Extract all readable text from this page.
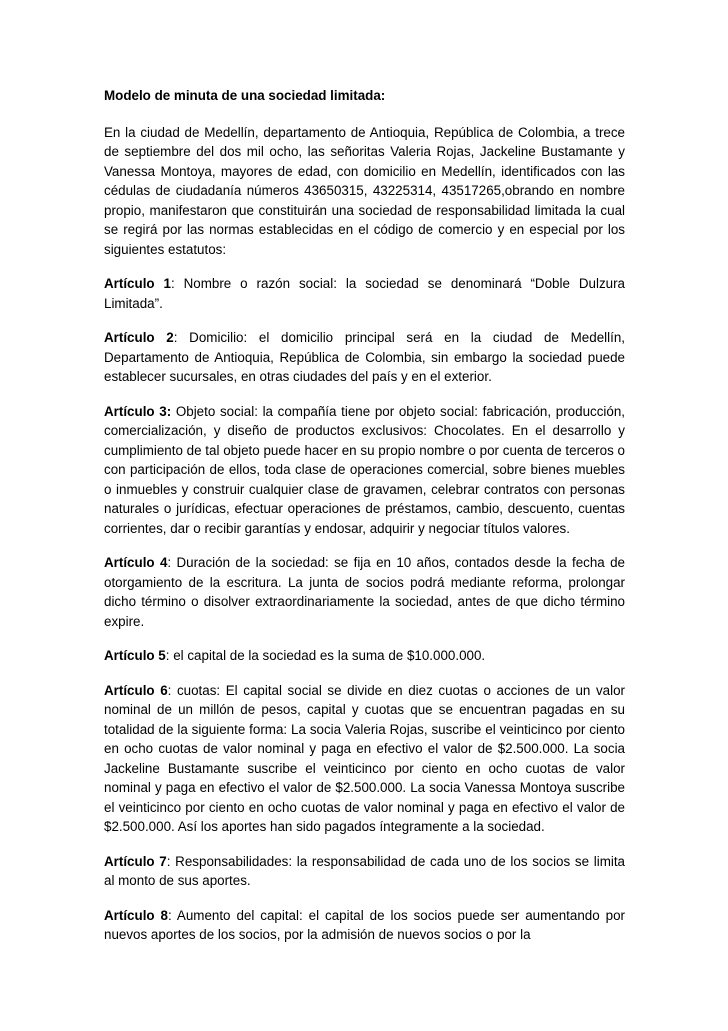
Modelo de minuta de una sociedad limitada:

En la ciudad de Medellín, departamento de Antioquia, República de Colombia, a trece de septiembre del dos mil ocho, las señoritas Valeria Rojas, Jackeline Bustamante y Vanessa Montoya, mayores de edad, con domicilio en Medellín, identificados con las cédulas de ciudadanía números 43650315, 43225314, 43517265,obrando en nombre propio, manifestaron que constituirán una sociedad de responsabilidad limitada la cual se regirá por las normas establecidas en el código de comercio y en especial por los siguientes estatutos:

Artículo 1: Nombre o razón social: la sociedad se denominará “Doble Dulzura Limitada”.

Artículo 2: Domicilio: el domicilio principal será en la ciudad de Medellín, Departamento de Antioquia, República de Colombia, sin embargo la sociedad puede establecer sucursales, en otras ciudades del país y en el exterior.

Artículo 3: Objeto social: la compañía tiene por objeto social: fabricación, producción, comercialización, y diseño de productos exclusivos: Chocolates. En el desarrollo y cumplimiento de tal objeto puede hacer en su propio nombre o por cuenta de terceros o con participación de ellos, toda clase de operaciones comercial, sobre bienes muebles o inmuebles y construir cualquier clase de gravamen, celebrar contratos con personas naturales o jurídicas, efectuar operaciones de préstamos, cambio, descuento, cuentas corrientes, dar o recibir garantías y endosar, adquirir y negociar títulos valores.

Artículo 4: Duración de la sociedad: se fija en 10 años, contados desde la fecha de otorgamiento de la escritura. La junta de socios podrá mediante reforma, prolongar dicho término o disolver extraordinariamente la sociedad, antes de que dicho término expire.

Artículo 5: el capital de la sociedad es la suma de $10.000.000.

Artículo 6: cuotas: El capital social se divide en diez cuotas o acciones de un valor nominal de un millón de pesos, capital y cuotas que se encuentran pagadas en su totalidad de la siguiente forma: La socia Valeria Rojas, suscribe el veinticinco por ciento en ocho cuotas de valor nominal y paga en efectivo el valor de $2.500.000. La socia Jackeline Bustamante suscribe el veinticinco por ciento en ocho cuotas de valor nominal y paga en efectivo el valor de $2.500.000. La socia Vanessa Montoya suscribe el veinticinco por ciento en ocho cuotas de valor nominal y paga en efectivo el valor de $2.500.000. Así los aportes han sido pagados íntegramente a la sociedad.

Artículo 7: Responsabilidades: la responsabilidad de cada uno de los socios se limita al monto de sus aportes.

Artículo 8: Aumento del capital: el capital de los socios puede ser aumentando por nuevos aportes de los socios, por la admisión de nuevos socios o por la
